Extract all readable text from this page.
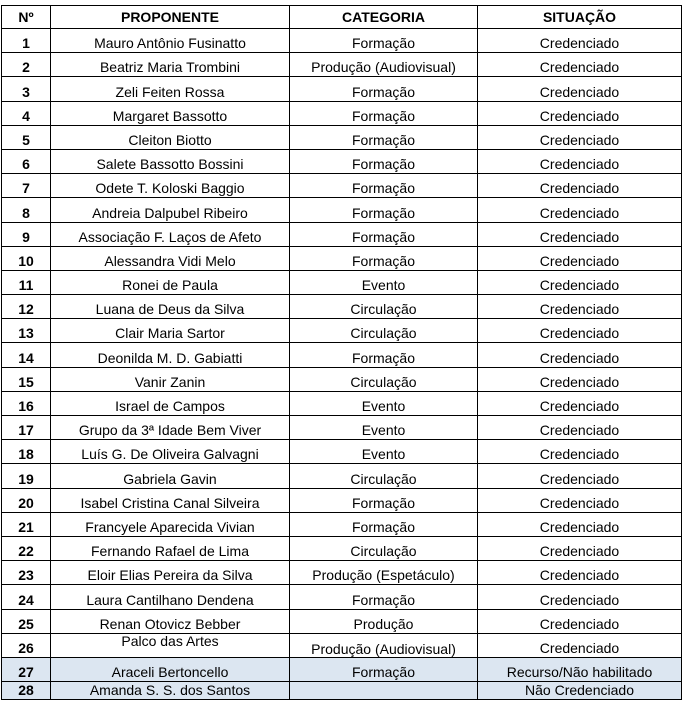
Nº	PROPONENTE	CATEGORIA	SITUAÇÃO
1	Mauro Antônio Fusinatto	Formação	Credenciado
2	Beatriz Maria Trombini	Produção (Audiovisual)	Credenciado
3	Zeli Feiten Rossa	Formação	Credenciado
4	Margaret Bassotto	Formação	Credenciado
5	Cleiton Biotto	Formação	Credenciado
6	Salete Bassotto Bossini	Formação	Credenciado
7	Odete T. Koloski Baggio	Formação	Credenciado
8	Andreia Dalpubel Ribeiro	Formação	Credenciado
9	Associação F. Laços de Afeto	Formação	Credenciado
10	Alessandra Vidi Melo	Formação	Credenciado
11	Ronei de Paula	Evento	Credenciado
12	Luana de Deus da Silva	Circulação	Credenciado
13	Clair Maria Sartor	Circulação	Credenciado
14	Deonilda M. D. Gabiatti	Formação	Credenciado
15	Vanir Zanin	Circulação	Credenciado
16	Israel de Campos	Evento	Credenciado
17	Grupo da 3ª Idade Bem Viver	Evento	Credenciado
18	Luís G. De Oliveira Galvagni	Evento	Credenciado
19	Gabriela Gavin	Circulação	Credenciado
20	Isabel Cristina Canal Silveira	Formação	Credenciado
21	Francyele Aparecida Vivian	Formação	Credenciado
22	Fernando Rafael de Lima	Circulação	Credenciado
23	Eloir Elias Pereira da Silva	Produção (Espetáculo)	Credenciado
24	Laura Cantilhano Dendena	Formação	Credenciado
25	Renan Otovicz Bebber	Produção	Credenciado
26	Palco das Artes	Produção (Audiovisual)	Credenciado
27	Araceli Bertoncello	Formação	Recurso/Não habilitado
28	Amanda S. S. dos Santos		Não Credenciado
